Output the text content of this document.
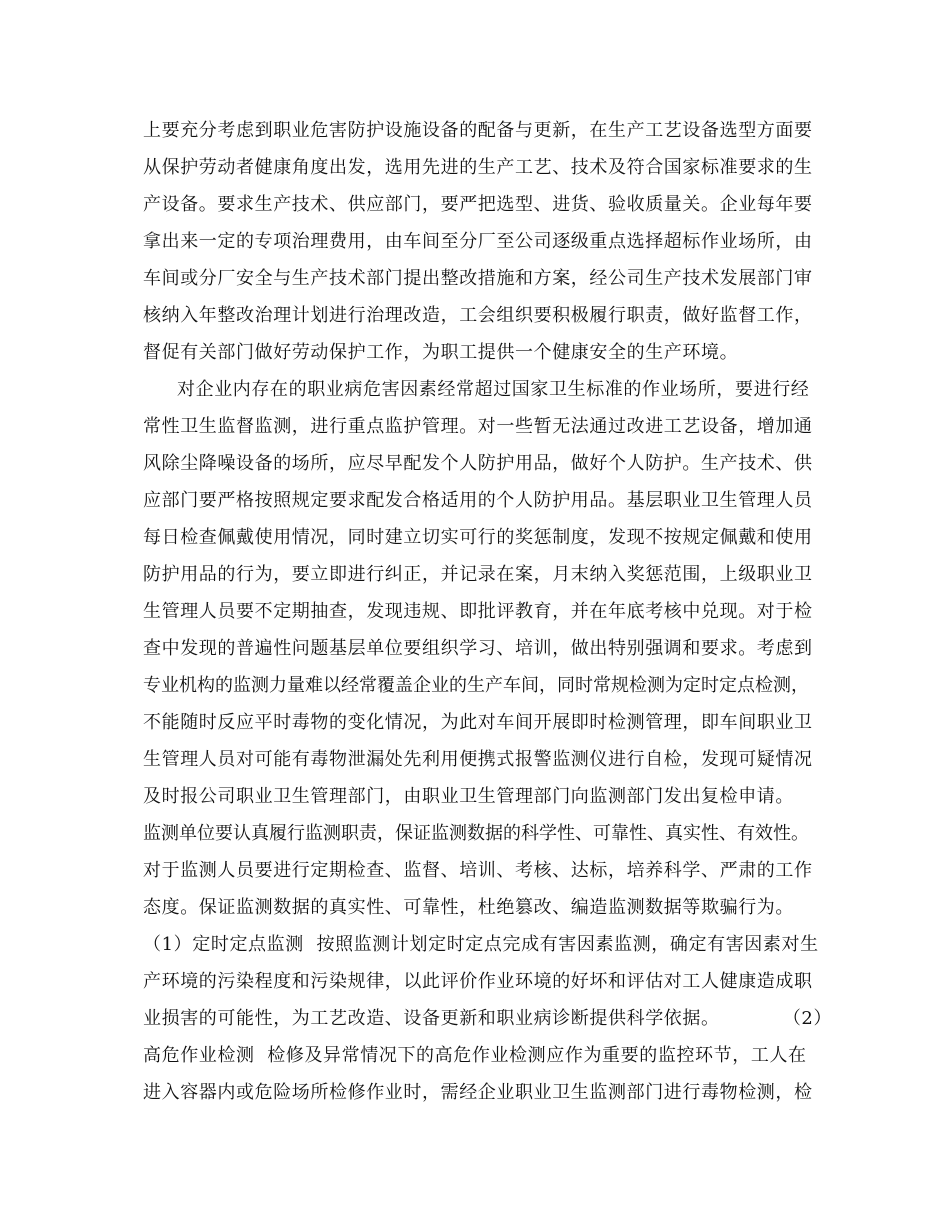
上要充分考虑到职业危害防护设施设备的配备与更新，在生产工艺设备选型方面要
从保护劳动者健康角度出发，选用先进的生产工艺、技术及符合国家标准要求的生
产设备。要求生产技术、供应部门，要严把选型、进货、验收质量关。企业每年要
拿出来一定的专项治理费用，由车间至分厂至公司逐级重点选择超标作业场所，由
车间或分厂安全与生产技术部门提出整改措施和方案，经公司生产技术发展部门审
核纳入年整改治理计划进行治理改造，工会组织要积极履行职责，做好监督工作，
督促有关部门做好劳动保护工作，为职工提供一个健康安全的生产环境。
对企业内存在的职业病危害因素经常超过国家卫生标准的作业场所，要进行经
常性卫生监督监测，进行重点监护管理。对一些暂无法通过改进工艺设备，增加通
风除尘降噪设备的场所，应尽早配发个人防护用品，做好个人防护。生产技术、供
应部门要严格按照规定要求配发合格适用的个人防护用品。基层职业卫生管理人员
每日检查佩戴使用情况，同时建立切实可行的奖惩制度，发现不按规定佩戴和使用
防护用品的行为，要立即进行纠正，并记录在案，月末纳入奖惩范围，上级职业卫
生管理人员要不定期抽查，发现违规、即批评教育，并在年底考核中兑现。对于检
查中发现的普遍性问题基层单位要组织学习、培训，做出特别强调和要求。考虑到
专业机构的监测力量难以经常覆盖企业的生产车间，同时常规检测为定时定点检测，
不能随时反应平时毒物的变化情况，为此对车间开展即时检测管理，即车间职业卫
生管理人员对可能有毒物泄漏处先利用便携式报警监测仪进行自检，发现可疑情况
及时报公司职业卫生管理部门，由职业卫生管理部门向监测部门发出复检申请。
监测单位要认真履行监测职责，保证监测数据的科学性、可靠性、真实性、有效性。
对于监测人员要进行定期检查、监督、培训、考核、达标，培养科学、严肃的工作
态度。保证监测数据的真实性、可靠性，杜绝篡改、编造监测数据等欺骗行为。
（1）定时定点监测  按照监测计划定时定点完成有害因素监测，确定有害因素对生
产环境的污染程度和污染规律，以此评价作业环境的好坏和评估对工人健康造成职
业损害的可能性，为工艺改造、设备更新和职业病诊断提供科学依据。          （2）
高危作业检测  检修及异常情况下的高危作业检测应作为重要的监控环节，工人在
进入容器内或危险场所检修作业时，需经企业职业卫生监测部门进行毒物检测，检
